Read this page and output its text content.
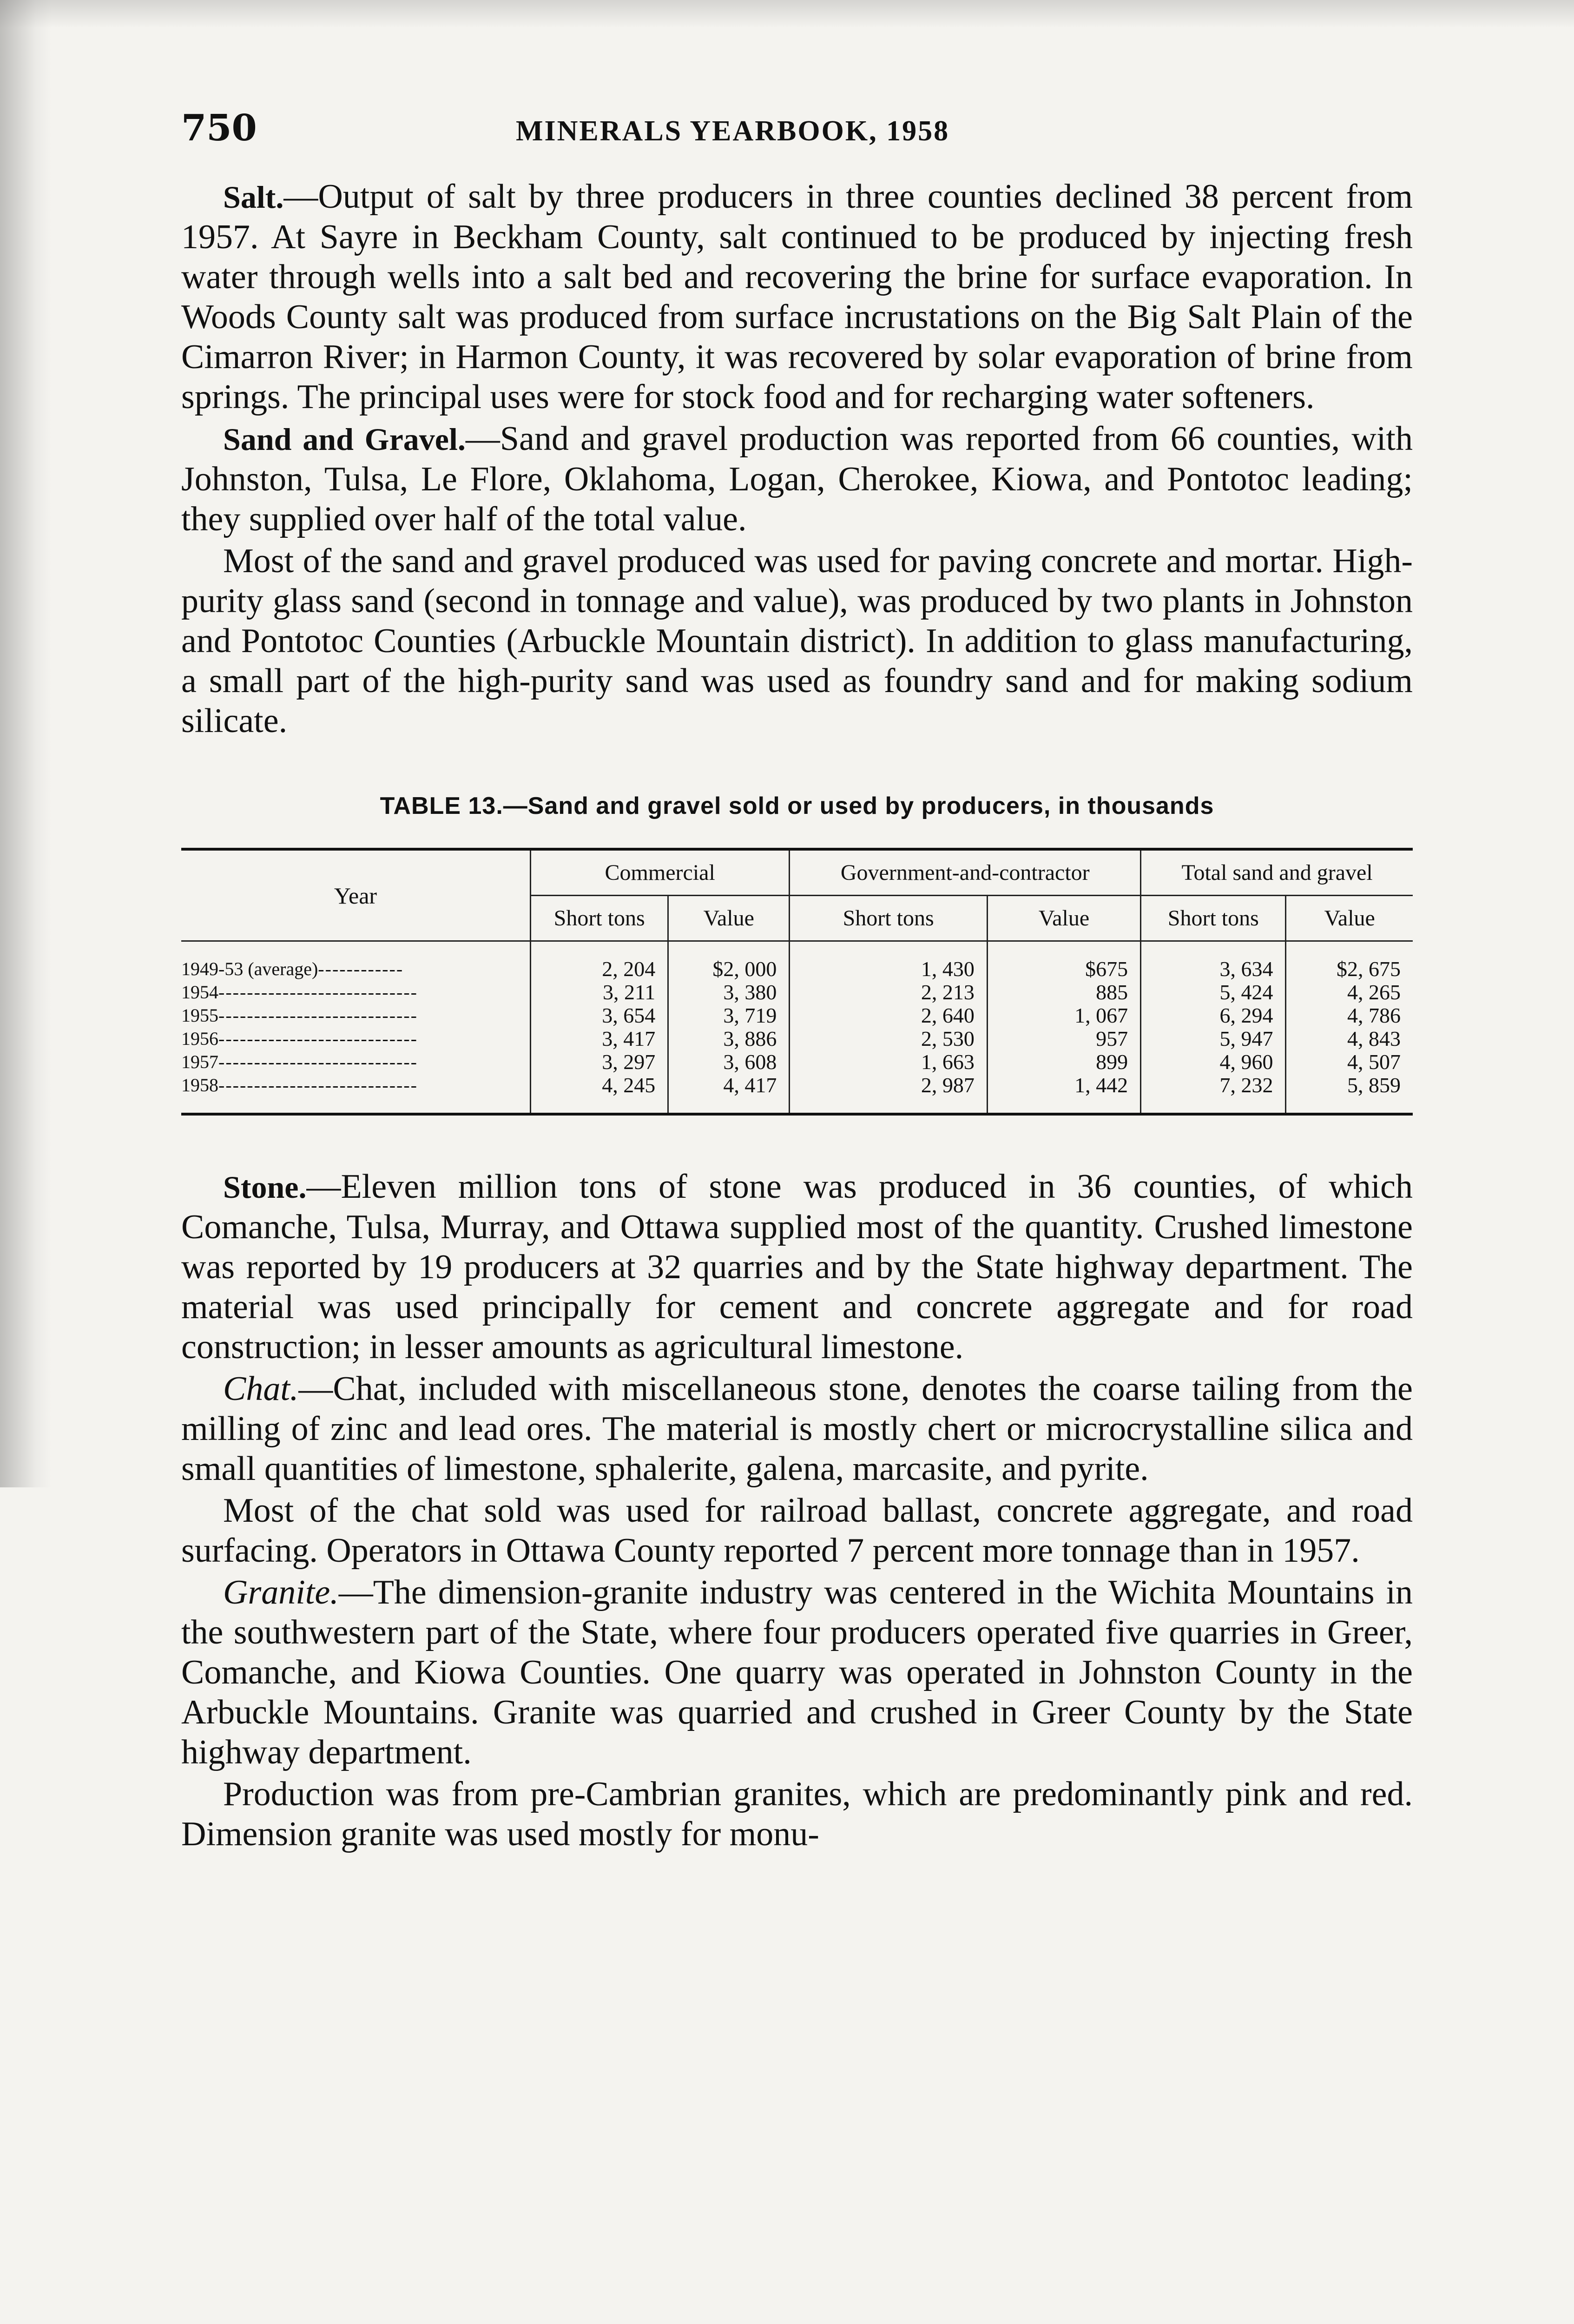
750	MINERALS YEARBOOK, 1958

Salt.—Output of salt by three producers in three counties declined 38 percent from 1957. At Sayre in Beckham County, salt continued to be produced by injecting fresh water through wells into a salt bed and recovering the brine for surface evaporation. In Woods County salt was produced from surface incrustations on the Big Salt Plain of the Cimarron River; in Harmon County, it was recovered by solar evaporation of brine from springs. The principal uses were for stock food and for recharging water softeners.

Sand and Gravel.—Sand and gravel production was reported from 66 counties, with Johnston, Tulsa, Le Flore, Oklahoma, Logan, Cherokee, Kiowa, and Pontotoc leading; they supplied over half of the total value.

Most of the sand and gravel produced was used for paving concrete and mortar. High-purity glass sand (second in tonnage and value), was produced by two plants in Johnston and Pontotoc Counties (Arbuckle Mountain district). In addition to glass manufacturing, a small part of the high-purity sand was used as foundry sand and for making sodium silicate.

TABLE 13.—Sand and gravel sold or used by producers, in thousands
Year	Commercial		Government-and-contractor		Total sand and gravel	
	Short tons	Value	Short tons	Value	Short tons	Value
1949-53 (average)------------	2, 204	$2, 000	1, 430	$675	3, 634	$2, 675
1954----------------------------	3, 211	3, 380	2, 213	885	5, 424	4, 265
1955----------------------------	3, 654	3, 719	2, 640	1, 067	6, 294	4, 786
1956----------------------------	3, 417	3, 886	2, 530	957	5, 947	4, 843
1957----------------------------	3, 297	3, 608	1, 663	899	4, 960	4, 507
1958----------------------------	4, 245	4, 417	2, 987	1, 442	7, 232	5, 859

Stone.—Eleven million tons of stone was produced in 36 counties, of which Comanche, Tulsa, Murray, and Ottawa supplied most of the quantity. Crushed limestone was reported by 19 producers at 32 quarries and by the State highway department. The material was used principally for cement and concrete aggregate and for road construction; in lesser amounts as agricultural limestone.

Chat.—Chat, included with miscellaneous stone, denotes the coarse tailing from the milling of zinc and lead ores. The material is mostly chert or microcrystalline silica and small quantities of limestone, sphalerite, galena, marcasite, and pyrite.

Most of the chat sold was used for railroad ballast, concrete aggregate, and road surfacing. Operators in Ottawa County reported 7 percent more tonnage than in 1957.

Granite.—The dimension-granite industry was centered in the Wichita Mountains in the southwestern part of the State, where four producers operated five quarries in Greer, Comanche, and Kiowa Counties. One quarry was operated in Johnston County in the Arbuckle Mountains. Granite was quarried and crushed in Greer County by the State highway department.

Production was from pre-Cambrian granites, which are predominantly pink and red. Dimension granite was used mostly for monu-
